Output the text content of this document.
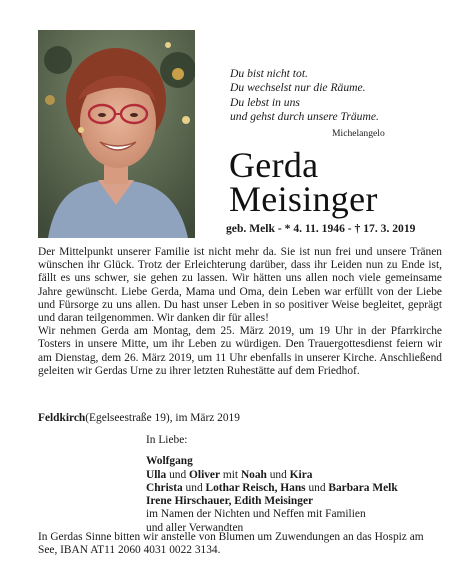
Du bist nicht tot.
Du wechselst nur die Räume.
Du lebst in uns
und gehst durch unsere Träume.
Michelangelo
Gerda
Meisinger
geb. Melk - * 4. 11. 1946 - † 17. 3. 2019

Der Mittelpunkt unserer Familie ist nicht mehr da. Sie ist nun frei und unsere Tränen wünschen ihr Glück. Trotz der Erleichterung darüber, dass ihr Leiden nun zu Ende ist, fällt es uns schwer, sie gehen zu lassen. Wir hätten uns allen noch viele gemeinsame Jahre gewünscht. Liebe Gerda, Mama und Oma, dein Leben war erfüllt von der Liebe und Fürsorge zu uns allen. Du hast unser Leben in so positiver Weise begleitet, geprägt und daran teilgenommen. Wir danken dir für alles!

Wir nehmen Gerda am Montag, dem 25. März 2019, um 19 Uhr in der Pfarrkirche Tosters in unsere Mitte, um ihr Leben zu würdigen. Den Trauergottesdienst feiern wir am Dienstag, dem 26. März 2019, um 11 Uhr ebenfalls in unserer Kirche. Anschließend geleiten wir Gerdas Urne zu ihrer letzten Ruhestätte auf dem Friedhof.

Feldkirch(Egelseestraße 19), im März 2019
In Liebe:
Wolfgang
Ulla und Oliver mit Noah und Kira
Christa und Lothar Reisch, Hans und Barbara Melk
Irene Hirschauer, Edith Meisinger
im Namen der Nichten und Neffen mit Familien
und aller Verwandten
In Gerdas Sinne bitten wir anstelle von Blumen um Zuwendungen an das Hospiz am See, IBAN AT11 2060 4031 0022 3134.
